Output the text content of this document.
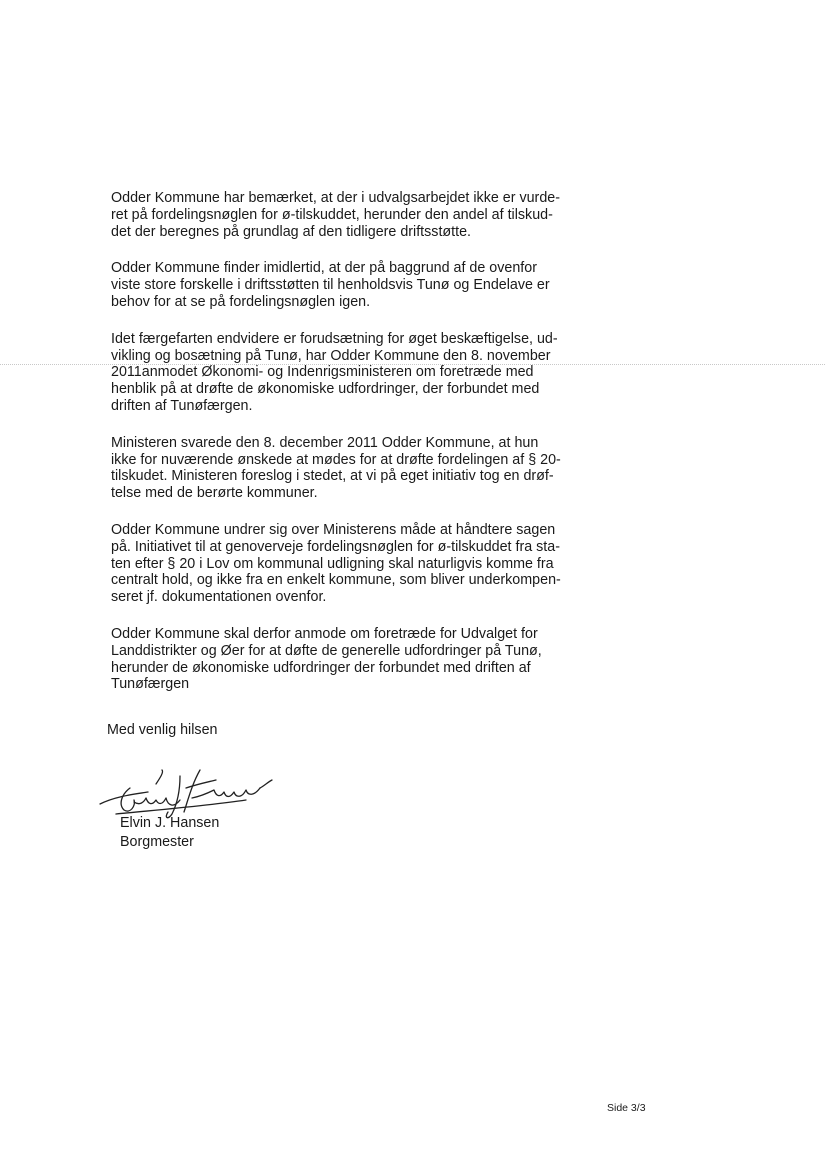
Odder Kommune har bemærket, at der i udvalgsarbejdet ikke er vurde-
ret på fordelingsnøglen for ø-tilskuddet, herunder den andel af tilskud-
det der beregnes på grundlag af den tidligere driftsstøtte.

Odder Kommune finder imidlertid, at der på baggrund af de ovenfor
viste store forskelle i driftsstøtten til henholdsvis Tunø og Endelave er
behov for at se på fordelingsnøglen igen.

Idet færgefarten endvidere er forudsætning for øget beskæftigelse, ud-
vikling og bosætning på Tunø, har Odder Kommune den 8. november
2011anmodet Økonomi- og Indenrigsministeren om foretræde med
henblik på at drøfte de økonomiske udfordringer, der forbundet med
driften af Tunøfærgen.

Ministeren svarede den 8. december 2011 Odder Kommune, at hun
ikke for nuværende ønskede at mødes for at drøfte fordelingen af § 20-
tilskudet. Ministeren foreslog i stedet, at vi på eget initiativ tog en drøf-
telse med de berørte kommuner.

Odder Kommune undrer sig over Ministerens måde at håndtere sagen
på. Initiativet til at genoverveje fordelingsnøglen for ø-tilskuddet fra sta-
ten efter § 20 i Lov om kommunal udligning skal naturligvis komme fra
centralt hold, og ikke fra en enkelt kommune, som bliver underkompen-
seret jf. dokumentationen ovenfor.

Odder Kommune skal derfor anmode om foretræde for Udvalget for
Landdistrikter og Øer for at døfte de generelle udfordringer på Tunø,
herunder de økonomiske udfordringer der forbundet med driften af
Tunøfærgen

Med venlig hilsen
Elvin J. Hansen
Borgmester
Side 3/3
